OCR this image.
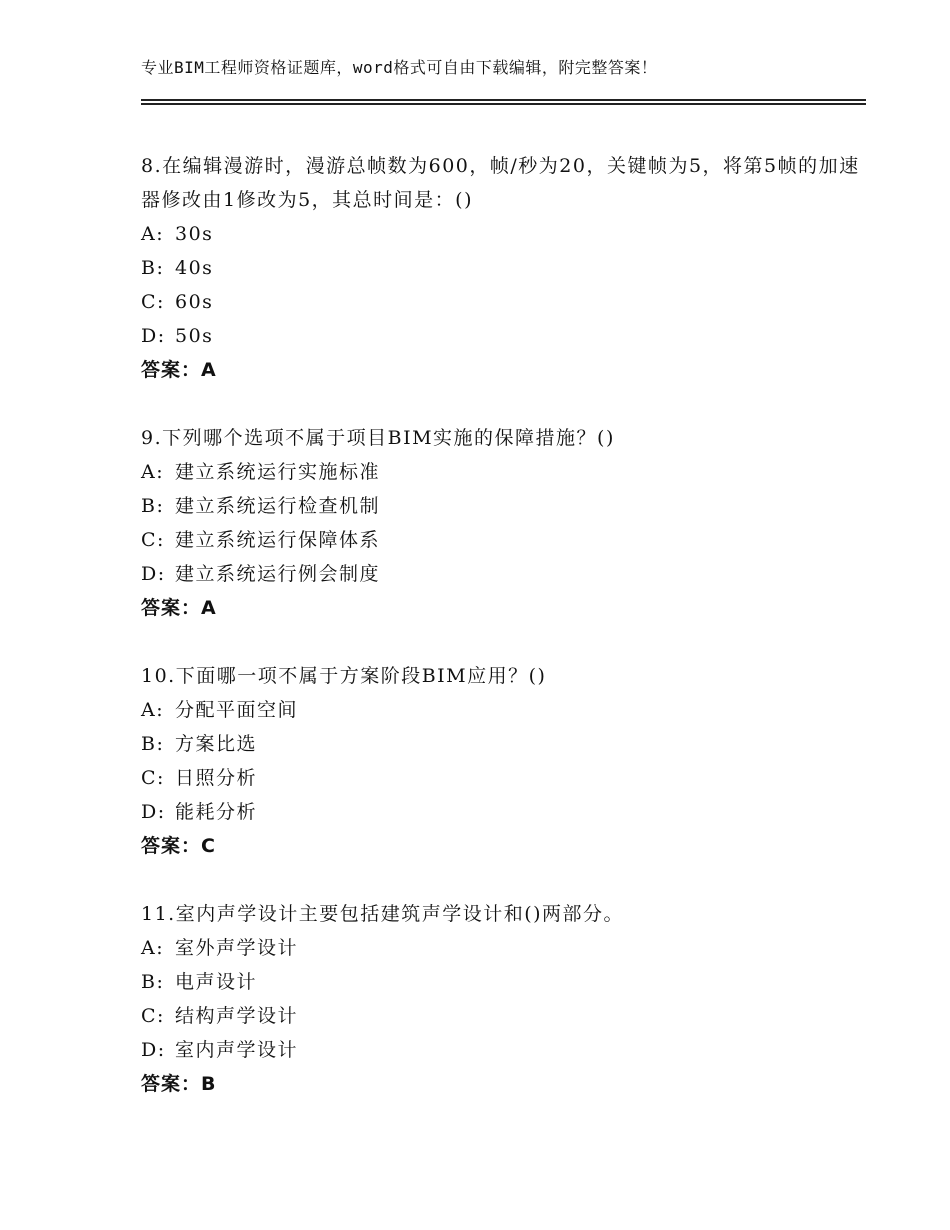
专业BIM工程师资格证题库，word格式可自由下载编辑，附完整答案！
8.在编辑漫游时，漫游总帧数为600，帧/秒为20，关键帧为5，将第5帧的加速器修改由1修改为5，其总时间是：()
A: 30s
B: 40s
C: 60s
D: 50s
答案：A
9.下列哪个选项不属于项目BIM实施的保障措施？()
A: 建立系统运行实施标准
B: 建立系统运行检查机制
C: 建立系统运行保障体系
D: 建立系统运行例会制度
答案：A
10.下面哪一项不属于方案阶段BIM应用？()
A: 分配平面空间
B: 方案比选
C: 日照分析
D: 能耗分析
答案：C
11.室内声学设计主要包括建筑声学设计和()两部分。
A: 室外声学设计
B: 电声设计
C: 结构声学设计
D: 室内声学设计
答案：B
